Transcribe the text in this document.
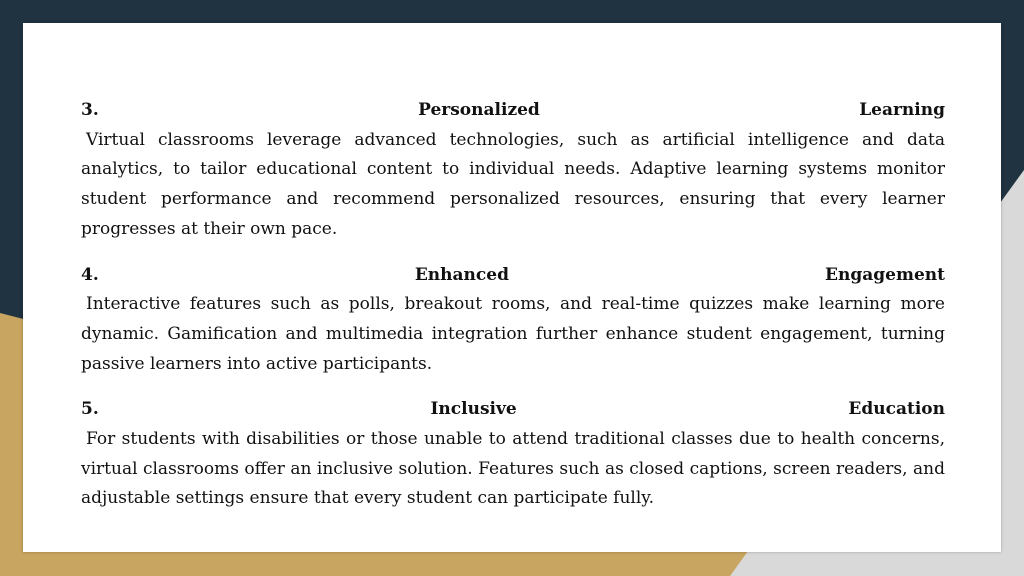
3.	Personalized	Learning
Virtual classrooms leverage advanced technologies, such as artificial intelligence and data analytics, to tailor educational content to individual needs. Adaptive learning systems monitor student performance and recommend personalized resources, ensuring that every learner progresses at their own pace.
4.	Enhanced	Engagement
Interactive features such as polls, breakout rooms, and real-time quizzes make learning more dynamic. Gamification and multimedia integration further enhance student engagement, turning passive learners into active participants.
5.	Inclusive	Education
For students with disabilities or those unable to attend traditional classes due to health concerns, virtual classrooms offer an inclusive solution. Features such as closed captions, screen readers, and adjustable settings ensure that every student can participate fully.
